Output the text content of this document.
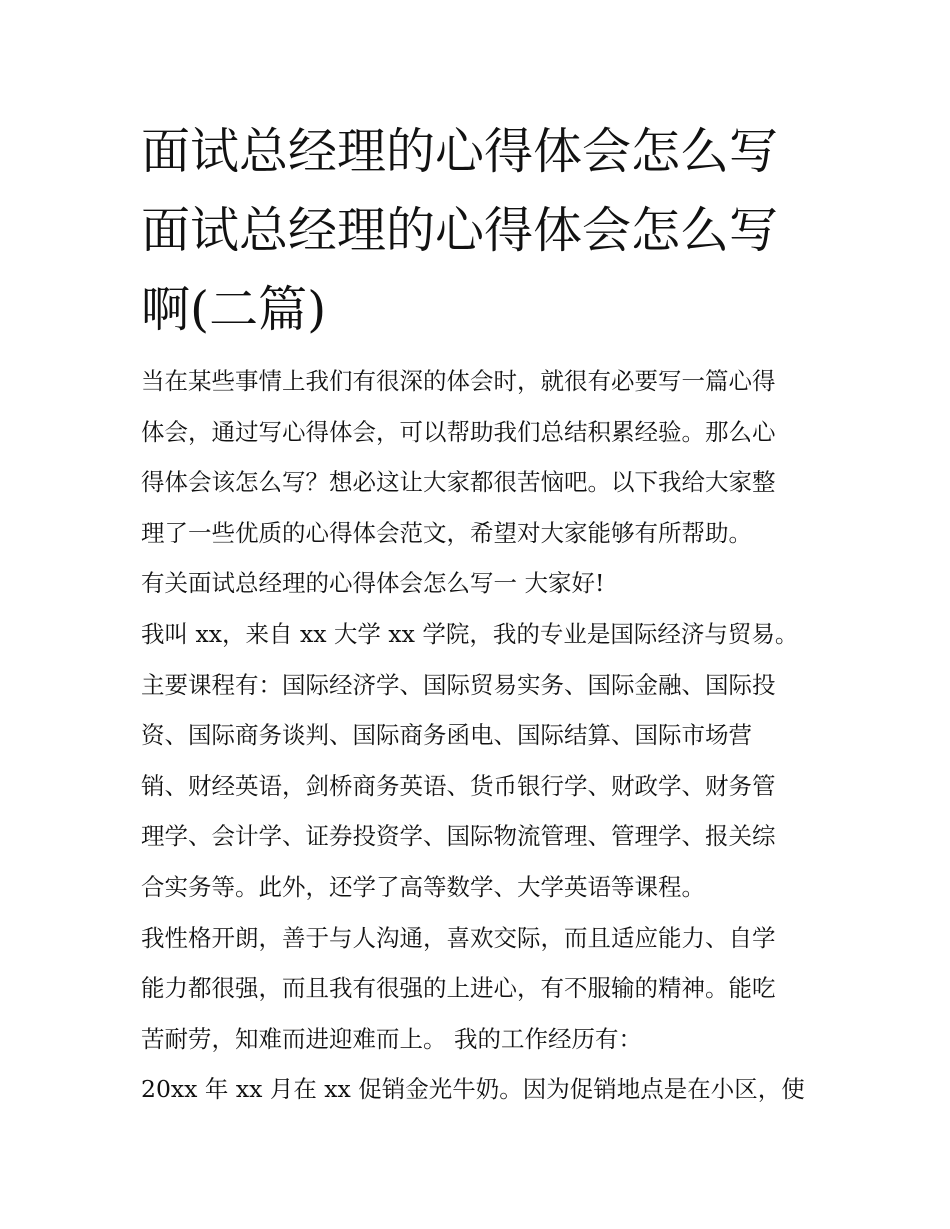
面试总经理的心得体会怎么写
面试总经理的心得体会怎么写
啊(二篇)
当在某些事情上我们有很深的体会时，就很有必要写一篇心得
体会，通过写心得体会，可以帮助我们总结积累经验。那么心
得体会该怎么写？想必这让大家都很苦恼吧。以下我给大家整
理了一些优质的心得体会范文，希望对大家能够有所帮助。
有关面试总经理的心得体会怎么写一 大家好!
我叫 xx，来自 xx 大学 xx 学院，我的专业是国际经济与贸易。
主要课程有：国际经济学、国际贸易实务、国际金融、国际投
资、国际商务谈判、国际商务函电、国际结算、国际市场营
销、财经英语，剑桥商务英语、货币银行学、财政学、财务管
理学、会计学、证券投资学、国际物流管理、管理学、报关综
合实务等。此外，还学了高等数学、大学英语等课程。
我性格开朗，善于与人沟通，喜欢交际，而且适应能力、自学
能力都很强，而且我有很强的上进心，有不服输的精神。能吃
苦耐劳，知难而进迎难而上。 我的工作经历有：
20xx 年 xx 月在 xx 促销金光牛奶。因为促销地点是在小区，使
